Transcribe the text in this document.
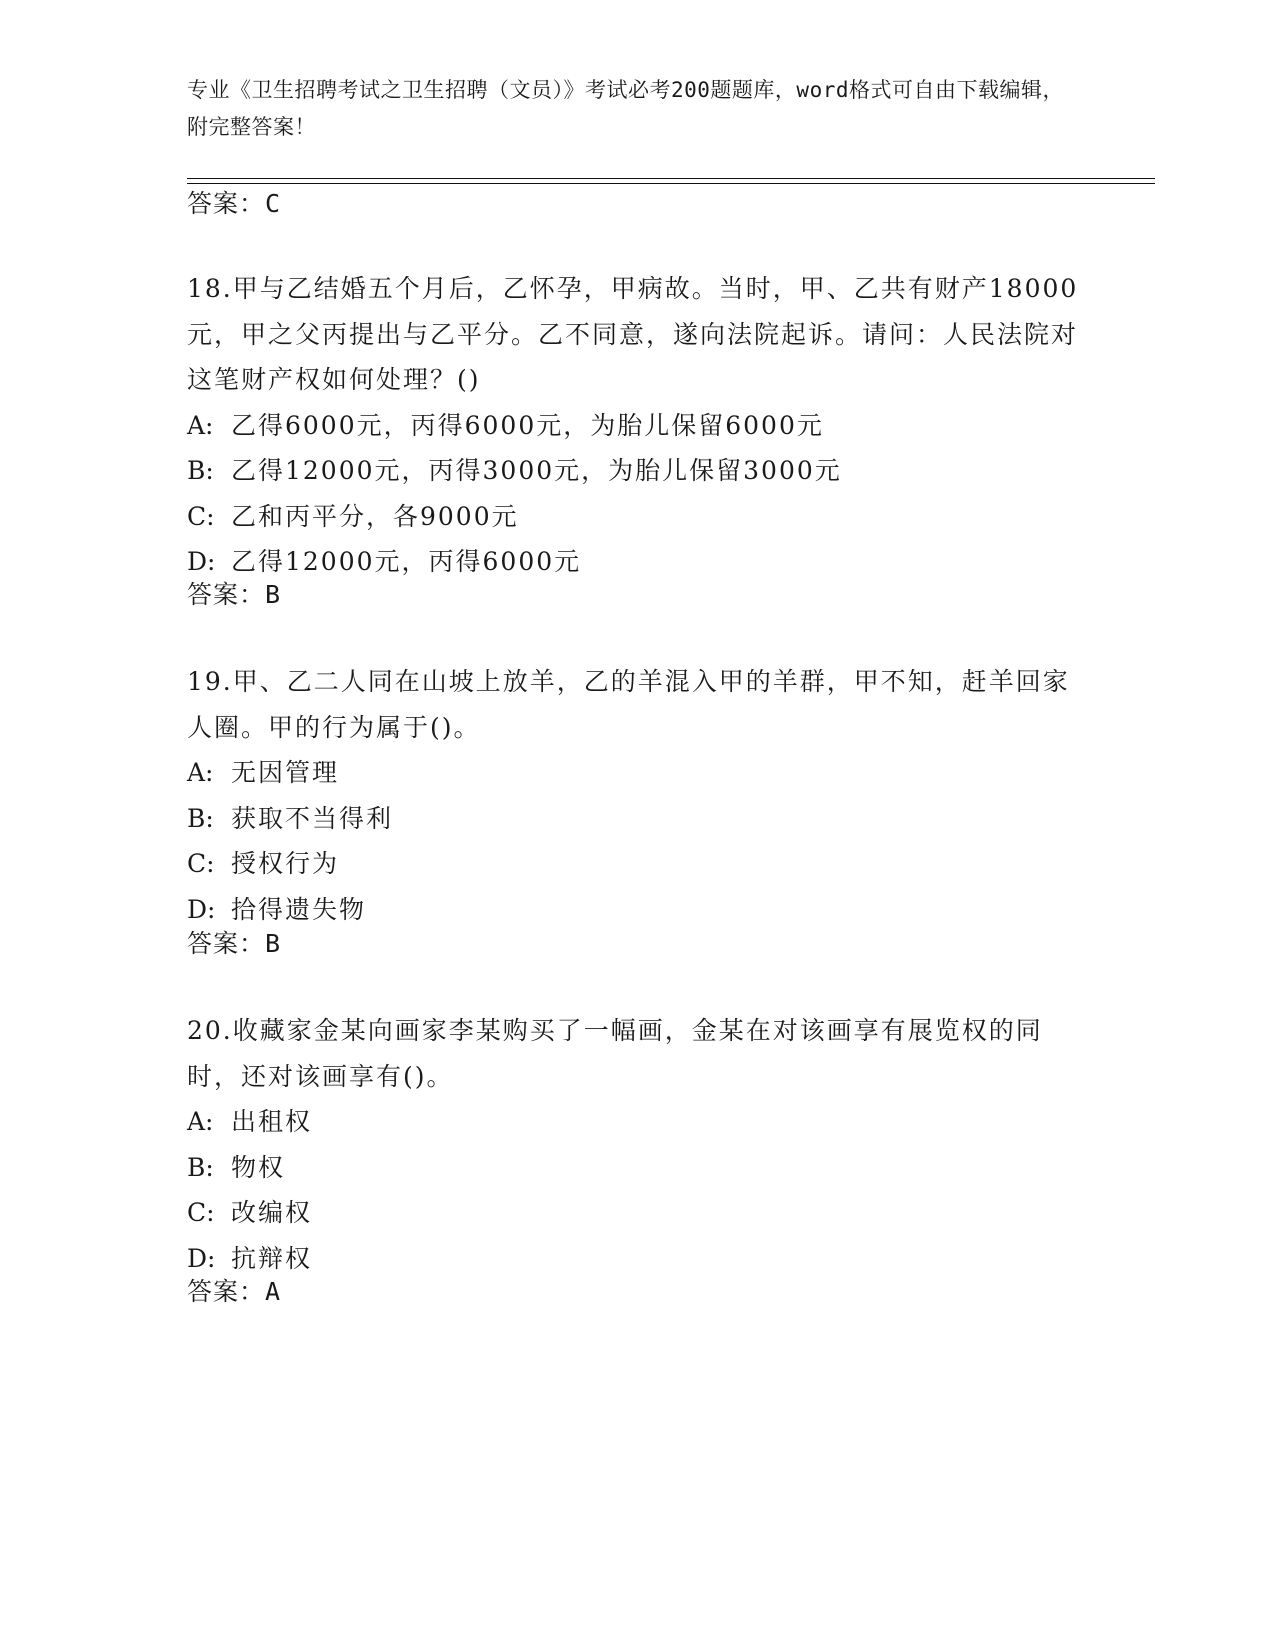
专业《卫生招聘考试之卫生招聘（文员）》考试必考200题题库，word格式可自由下载编辑，附完整答案！
答案：C
18.甲与乙结婚五个月后，乙怀孕，甲病故。当时，甲、乙共有财产18000元，甲之父丙提出与乙平分。乙不同意，遂向法院起诉。请问：人民法院对这笔财产权如何处理？()
A: 乙得6000元，丙得6000元，为胎儿保留6000元
B: 乙得12000元，丙得3000元，为胎儿保留3000元
C: 乙和丙平分，各9000元
D: 乙得12000元，丙得6000元
答案：B
19.甲、乙二人同在山坡上放羊，乙的羊混入甲的羊群，甲不知，赶羊回家人圈。甲的行为属于()。
A: 无因管理
B: 获取不当得利
C: 授权行为
D: 拾得遗失物
答案：B
20.收藏家金某向画家李某购买了一幅画，金某在对该画享有展览权的同时，还对该画享有()。
A: 出租权
B: 物权
C: 改编权
D: 抗辩权
答案：A
